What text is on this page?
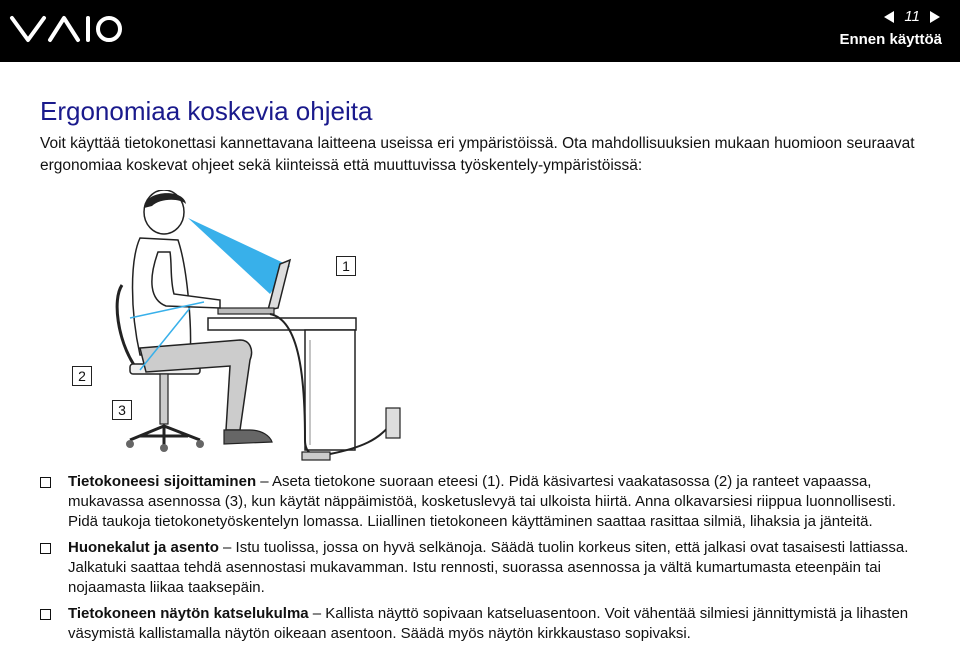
11
Ennen käyttöä
Ergonomiaa koskevia ohjeita

Voit käyttää tietokonettasi kannettavana laitteena useissa eri ympäristöissä. Ota mahdollisuuksien mukaan huomioon seuraavat ergonomiaa koskevat ohjeet sekä kiinteissä että muuttuvissa työskentely-ympäristöissä:

1
2
3
Tietokoneesi sijoittaminen – Aseta tietokone suoraan eteesi (1). Pidä käsivartesi vaakatasossa (2) ja ranteet vapaassa, mukavassa asennossa (3), kun käytät näppäimistöä, kosketuslevyä tai ulkoista hiirtä. Anna olkavarsiesi riippua luonnollisesti. Pidä taukoja tietokonetyöskentelyn lomassa. Liiallinen tietokoneen käyttäminen saattaa rasittaa silmiä, lihaksia ja jänteitä.
Huonekalut ja asento – Istu tuolissa, jossa on hyvä selkänoja. Säädä tuolin korkeus siten, että jalkasi ovat tasaisesti lattiassa. Jalkatuki saattaa tehdä asennostasi mukavamman. Istu rennosti, suorassa asennossa ja vältä kumartumasta eteenpäin tai nojaamasta liikaa taaksepäin.
Tietokoneen näytön katselukulma – Kallista näyttö sopivaan katseluasentoon. Voit vähentää silmiesi jännittymistä ja lihasten väsymistä kallistamalla näytön oikeaan asentoon. Säädä myös näytön kirkkaustaso sopivaksi.
